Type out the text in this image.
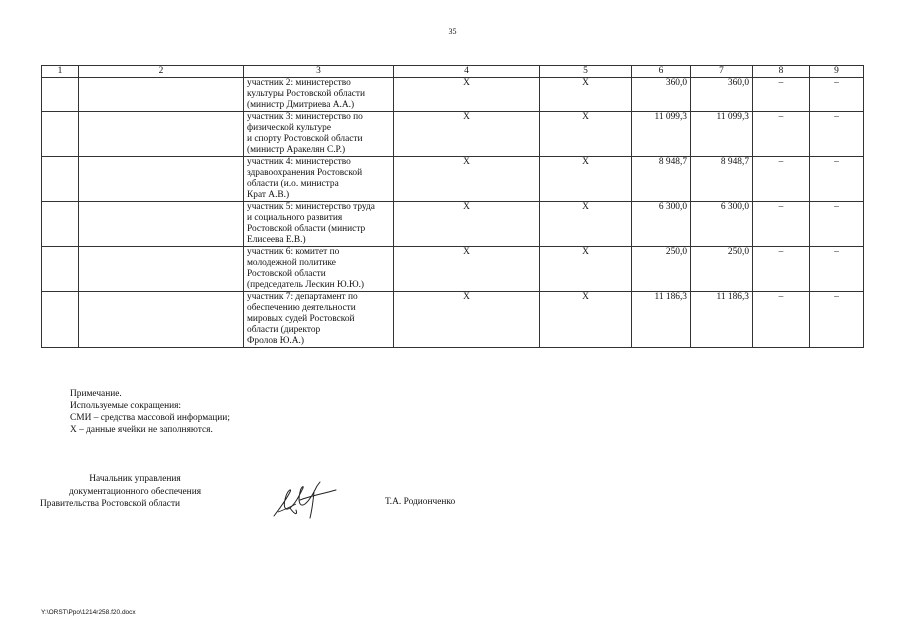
35
1	2	3	4	5	6	7	8	9

		участник 2: министерство
культуры Ростовской области
(министр Дмитриева А.А.)	X	X	360,0	360,0	–	–

		участник 3: министерство по
физической культуре
и спорту Ростовской области
(министр Аракелян С.Р.)	X	X	11 099,3	11 099,3	–	–

		участник 4: министерство
здравоохранения Ростовской
области (и.о. министра
Крат А.В.)	X	X	8 948,7	8 948,7	–	–

		участник 5: министерство труда
и социального развития
Ростовской области (министр
Елисеева Е.В.)	X	X	6 300,0	6 300,0	–	–

		участник 6: комитет по
молодежной политике
Ростовской области
(председатель Лескин Ю.Ю.)	X	X	250,0	250,0	–	–

		участник 7: департамент по
обеспечению деятельности
мировых судей Ростовской
области (директор
Фролов Ю.А.)	X	X	11 186,3	11 186,3	–	–
Примечание.
Используемые сокращения:
СМИ – средства массовой информации;
Х – данные ячейки не заполняются.
Начальник управления
документационного обеспечения
Правительства Ростовской области	Т.А. Родионченко
Y:\ORST\Ppo\1214r258.f20.docx
